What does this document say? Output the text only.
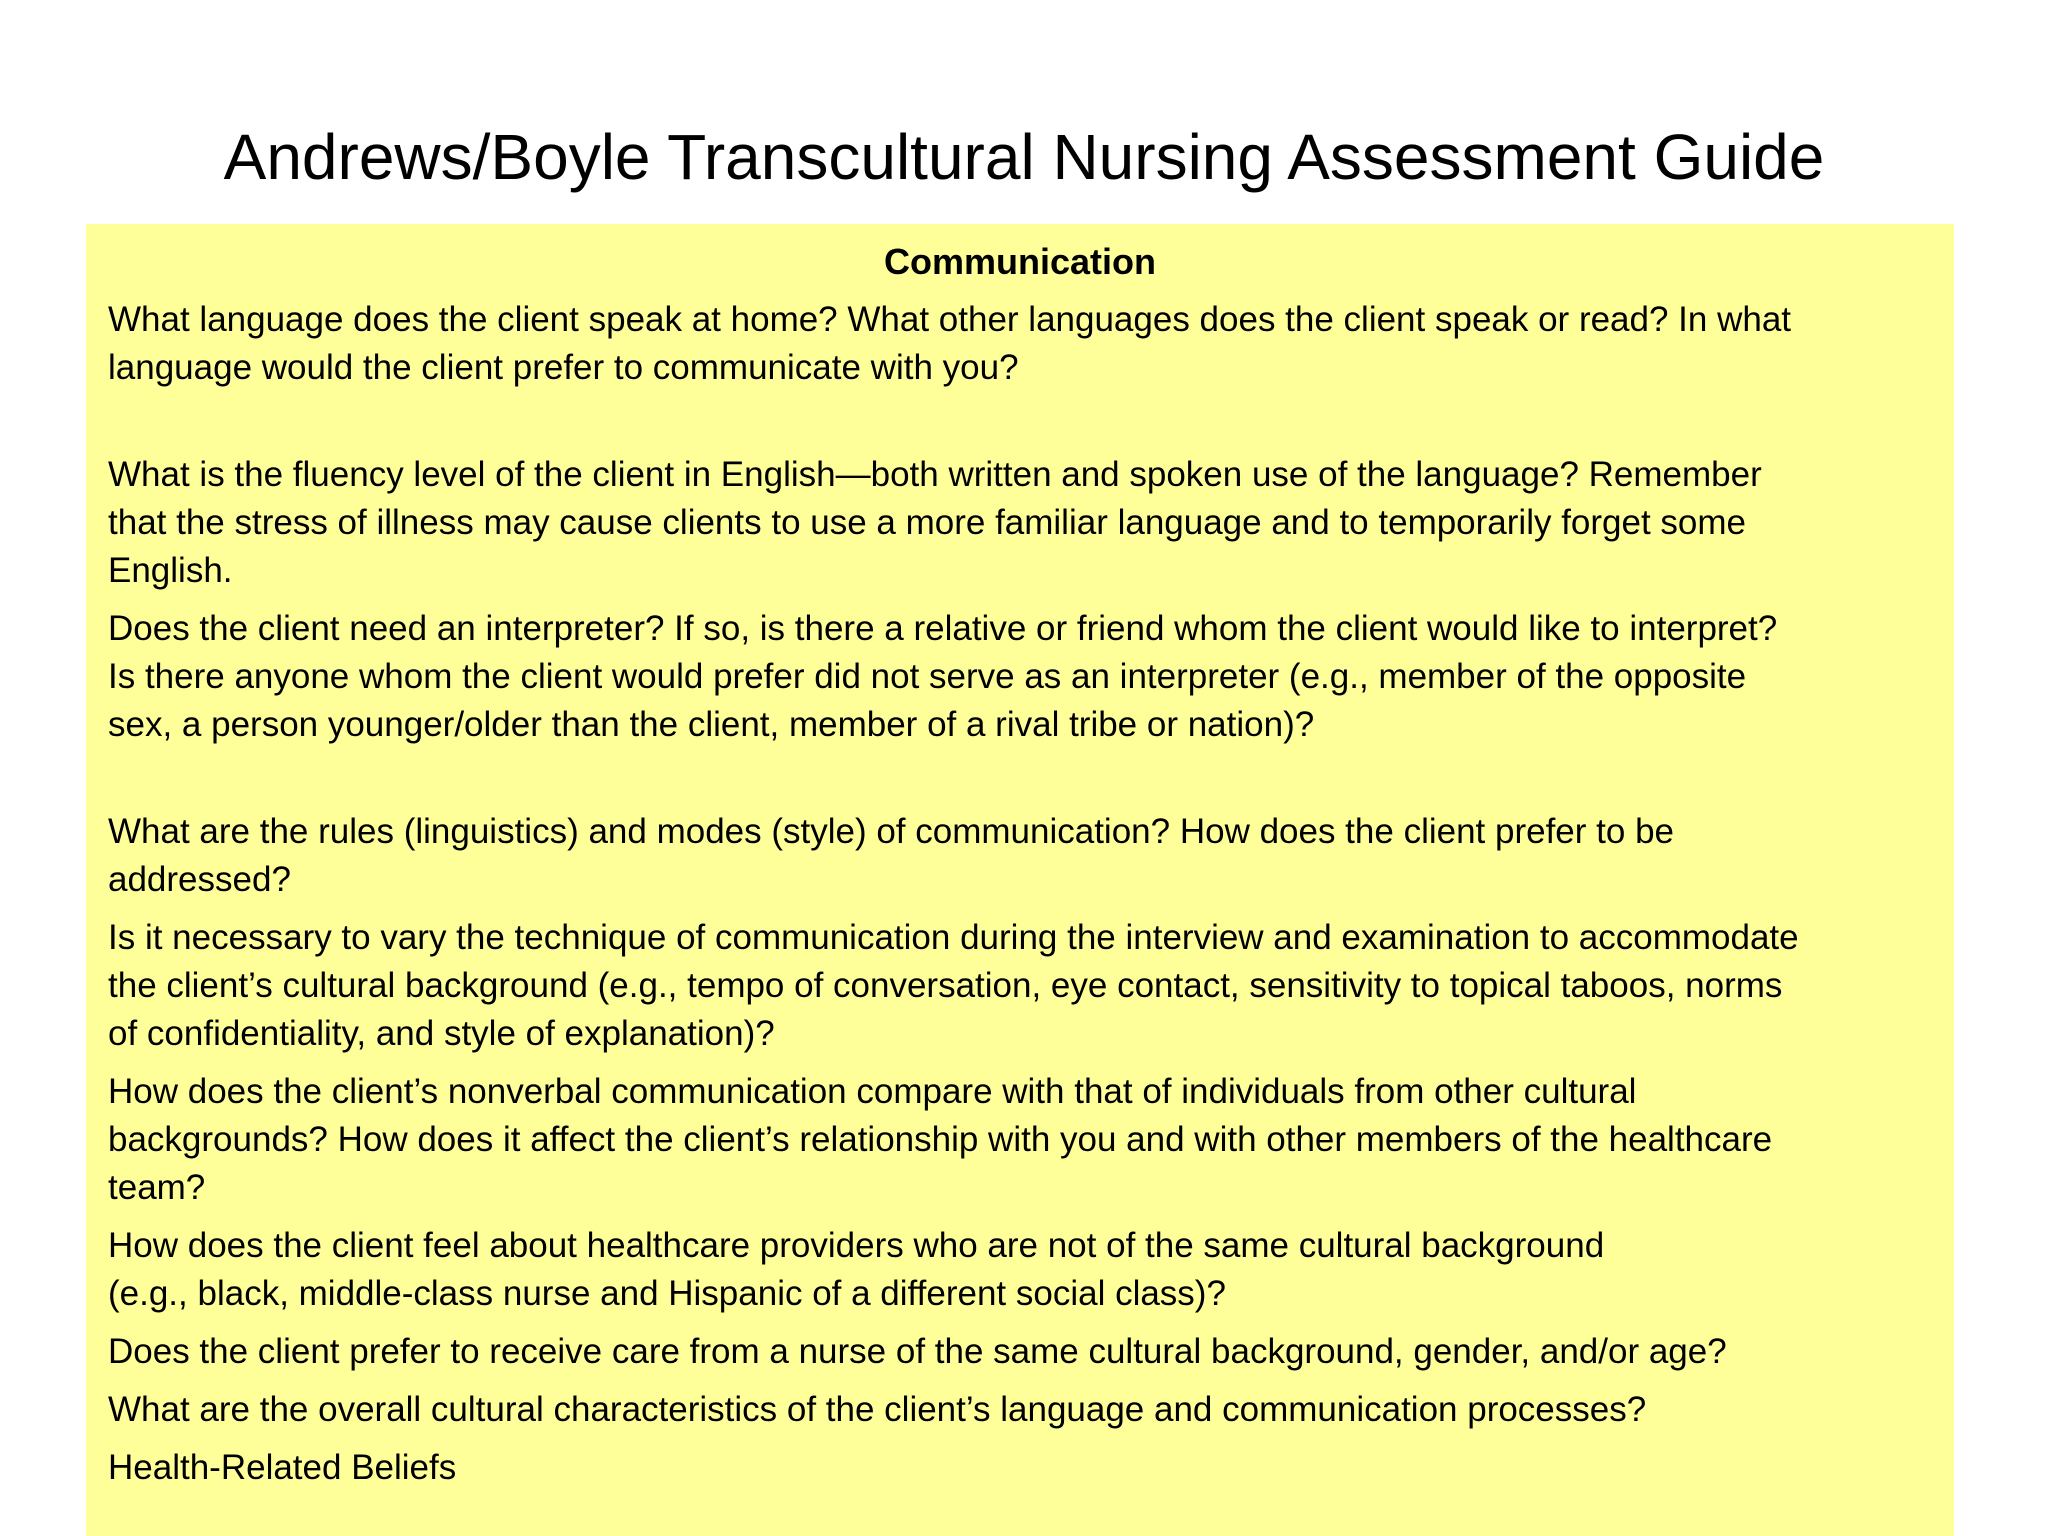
Andrews/Boyle Transcultural Nursing Assessment Guide
Communication

What language does the client speak at home? What other languages does the client speak or read? In what
language would the client prefer to communicate with you?

What is the fluency level of the client in English—both written and spoken use of the language? Remember
that the stress of illness may cause clients to use a more familiar language and to temporarily forget some
English.

Does the client need an interpreter? If so, is there a relative or friend whom the client would like to interpret?
Is there anyone whom the client would prefer did not serve as an interpreter (e.g., member of the opposite
sex, a person younger/older than the client, member of a rival tribe or nation)?

What are the rules (linguistics) and modes (style) of communication? How does the client prefer to be
addressed?

Is it necessary to vary the technique of communication during the interview and examination to accommodate
the client’s cultural background (e.g., tempo of conversation, eye contact, sensitivity to topical taboos, norms
of confidentiality, and style of explanation)?

How does the client’s nonverbal communication compare with that of individuals from other cultural
backgrounds? How does it affect the client’s relationship with you and with other members of the healthcare
team?

How does the client feel about healthcare providers who are not of the same cultural background
(e.g., black, middle-class nurse and Hispanic of a different social class)?

Does the client prefer to receive care from a nurse of the same cultural background, gender, and/or age?

What are the overall cultural characteristics of the client’s language and communication processes?

Health-Related Beliefs
